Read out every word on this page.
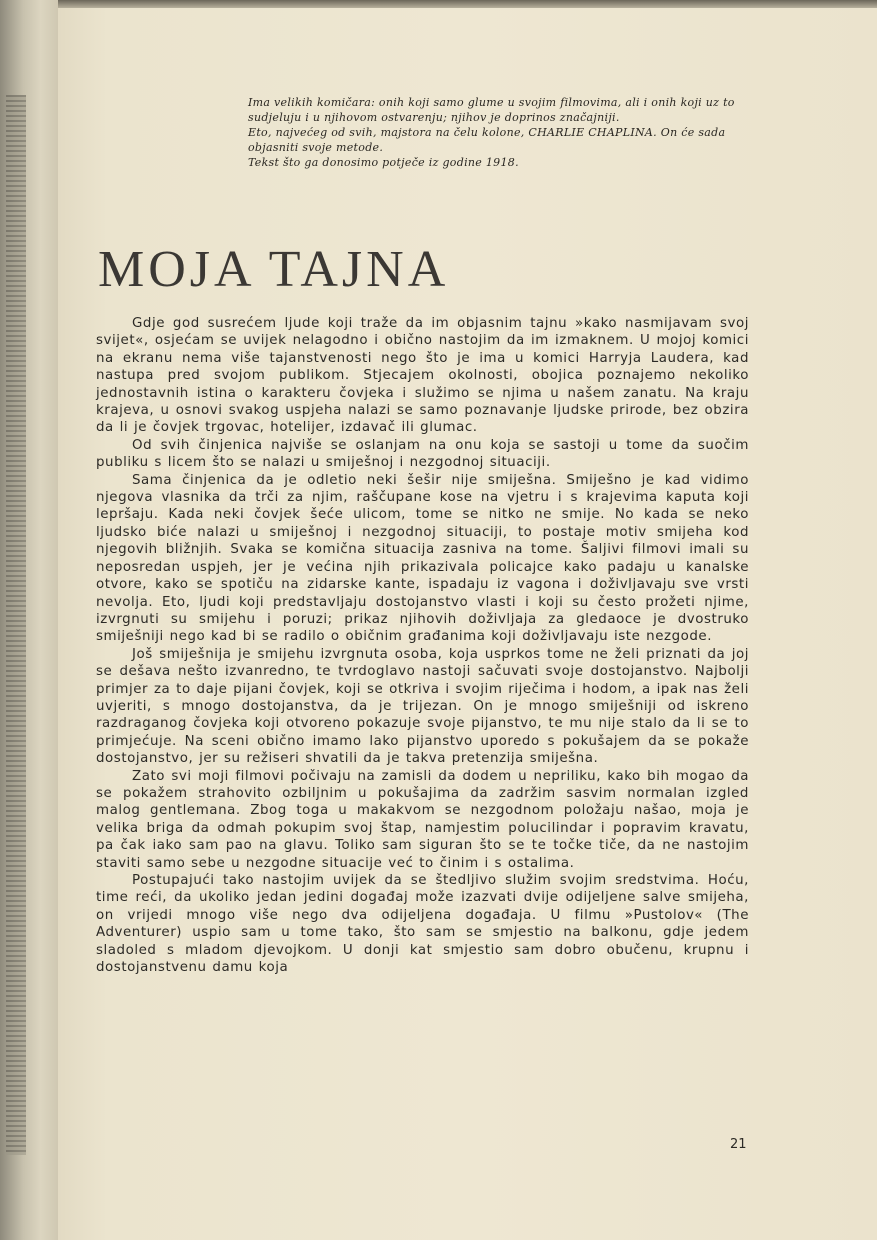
Ima velikih komičara: onih koji samo glume u svojim filmovima, ali i onih koji uz to sudjeluju i u njihovom ostvarenju; njihov je doprinos značajniji.

Eto, najvećeg od svih, majstora na čelu kolone, CHARLIE CHAPLINA. On će sada objasniti svoje metode.

Tekst što ga donosimo potječe iz godine 1918.

MOJA TAJNA

Gdje god susrećem ljude koji traže da im objasnim tajnu »kako nasmijavam svoj svijet«, osjećam se uvijek nelagodno i obično nastojim da im izmaknem. U mojoj komici na ekranu nema više tajanstvenosti nego što je ima u komici Harryja Laudera, kad nastupa pred svojom publikom. Stjecajem okolnosti, obojica poznajemo nekoliko jednostavnih istina o karakteru čovjeka i služimo se njima u našem zanatu. Na kraju krajeva, u osnovi svakog uspjeha nalazi se samo poznavanje ljudske prirode, bez obzira da li je čovjek trgovac, hotelijer, izdavač ili glumac.

Od svih činjenica najviše se oslanjam na onu koja se sastoji u tome da suočim publiku s licem što se nalazi u smiješnoj i nezgodnoj situaciji.

Sama činjenica da je odletio neki šešir nije smiješna. Smiješno je kad vidimo njegova vlasnika da trči za njim, raščupane kose na vjetru i s krajevima kaputa koji lepršaju. Kada neki čovjek šeće ulicom, tome se nitko ne smije. No kada se neko ljudsko biće nalazi u smiješnoj i nezgodnoj situaciji, to postaje motiv smijeha kod njegovih bližnjih. Svaka se komična situacija zasniva na tome. Šaljivi filmovi imali su neposredan uspjeh, jer je većina njih prikazivala policajce kako padaju u kanalske otvore, kako se spotiču na zidarske kante, ispadaju iz vagona i doživljavaju sve vrsti nevolja. Eto, ljudi koji predstavljaju dostojanstvo vlasti i koji su često prožeti njime, izvrgnuti su smijehu i poruzi; prikaz njihovih doživljaja za gledaoce je dvostruko smiješniji nego kad bi se radilo o običnim građanima koji doživljavaju iste nezgode.

Još smiješnija je smijehu izvrgnuta osoba, koja usprkos tome ne želi priznati da joj se dešava nešto izvanredno, te tvrdoglavo nastoji sačuvati svoje dostojanstvo. Najbolji primjer za to daje pijani čovjek, koji se otkriva i svojim riječima i hodom, a ipak nas želi uvjeriti, s mnogo dostojanstva, da je trijezan. On je mnogo smiješniji od iskreno razdraganog čovjeka koji otvoreno pokazuje svoje pijanstvo, te mu nije stalo da li se to primjećuje. Na sceni obično imamo lako pijanstvo uporedo s pokušajem da se pokaže dostojanstvo, jer su režiseri shvatili da je takva pretenzija smiješna.

Zato svi moji filmovi počivaju na zamisli da dodem u nepriliku, kako bih mogao da se pokažem strahovito ozbiljnim u pokušajima da zadržim sasvim normalan izgled malog gentlemana. Zbog toga u makakvom se nezgodnom položaju našao, moja je velika briga da odmah pokupim svoj štap, namjestim polucilindar i popravim kravatu, pa čak iako sam pao na glavu. Toliko sam siguran što se te točke tiče, da ne nastojim staviti samo sebe u nezgodne situacije već to činim i s ostalima.

Postupajući tako nastojim uvijek da se štedljivo služim svojim sredstvima. Hoću, time reći, da ukoliko jedan jedini događaj može izazvati dvije odijeljene salve smijeha, on vrijedi mnogo više nego dva odijeljena događaja. U filmu »Pustolov« (The Adventurer) uspio sam u tome tako, što sam se smjestio na balkonu, gdje jedem sladoled s mladom djevojkom. U donji kat smjestio sam dobro obučenu, krupnu i dostojanstvenu damu koja

21
